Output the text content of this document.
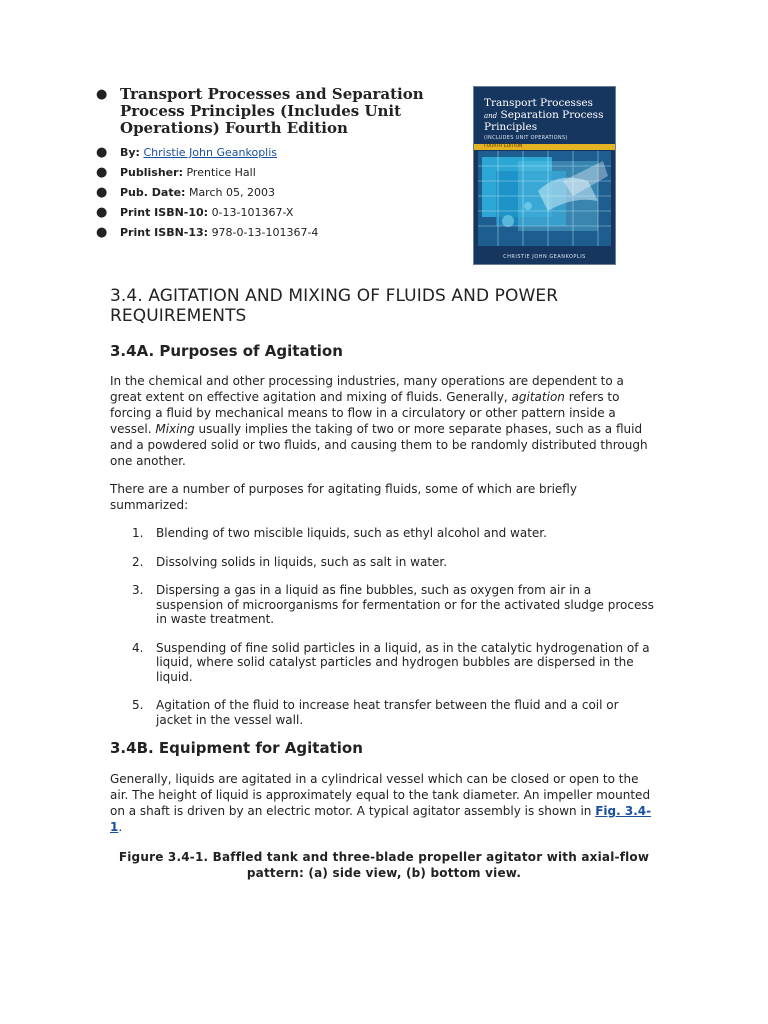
● Transport Processes and Separation Process Principles (Includes Unit Operations) Fourth Edition
● By: Christie John Geankoplis
● Publisher: Prentice Hall
● Pub. Date: March 05, 2003
● Print ISBN-10: 0-13-101367-X
● Print ISBN-13: 978-0-13-101367-4
Transport Processes
and Separation Process
Principles
(INCLUDES UNIT OPERATIONS)
FOURTH EDITION
CHRISTIE JOHN GEANKOPLIS
3.4. AGITATION AND MIXING OF FLUIDS AND POWER REQUIREMENTS
3.4A. Purposes of Agitation

In the chemical and other processing industries, many operations are dependent to a great extent on effective agitation and mixing of fluids. Generally, agitation refers to forcing a fluid by mechanical means to flow in a circulatory or other pattern inside a vessel. Mixing usually implies the taking of two or more separate phases, such as a fluid and a powdered solid or two fluids, and causing them to be randomly distributed through one another.

There are a number of purposes for agitating fluids, some of which are briefly summarized:

1. Blending of two miscible liquids, such as ethyl alcohol and water.
2. Dissolving solids in liquids, such as salt in water.
3. Dispersing a gas in a liquid as fine bubbles, such as oxygen from air in a suspension of microorganisms for fermentation or for the activated sludge process in waste treatment.
4. Suspending of fine solid particles in a liquid, as in the catalytic hydrogenation of a liquid, where solid catalyst particles and hydrogen bubbles are dispersed in the liquid.
5. Agitation of the fluid to increase heat transfer between the fluid and a coil or jacket in the vessel wall.
3.4B. Equipment for Agitation

Generally, liquids are agitated in a cylindrical vessel which can be closed or open to the air. The height of liquid is approximately equal to the tank diameter. An impeller mounted on a shaft is driven by an electric motor. A typical agitator assembly is shown in Fig. 3.4-1.

Figure 3.4-1. Baffled tank and three-blade propeller agitator with axial-flow pattern: (a) side view, (b) bottom view.
